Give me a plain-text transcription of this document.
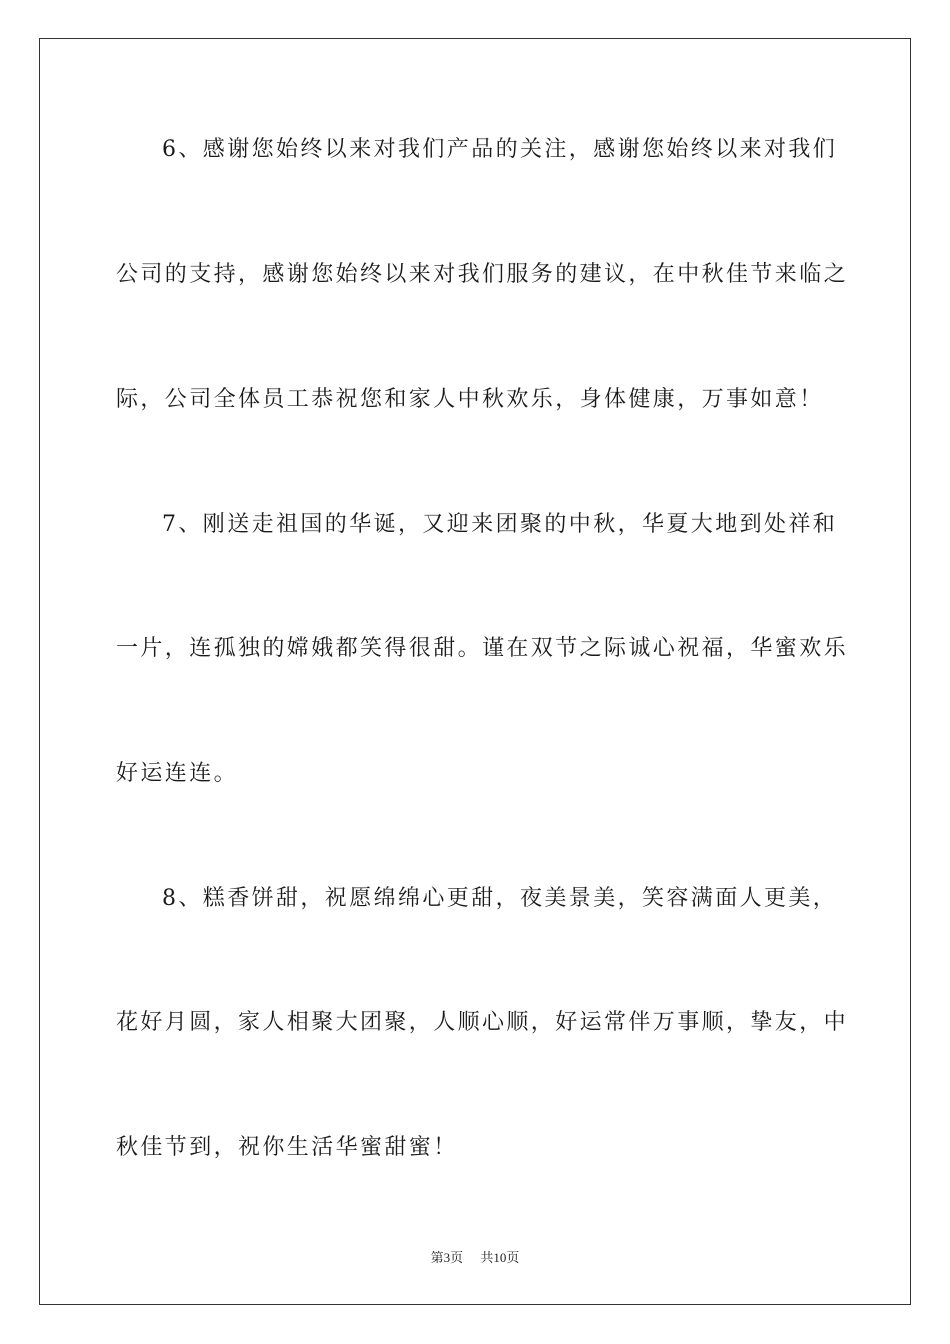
6、感谢您始终以来对我们产品的关注，感谢您始终以来对我们
公司的支持，感谢您始终以来对我们服务的建议，在中秋佳节来临之
际，公司全体员工恭祝您和家人中秋欢乐，身体健康，万事如意！
7、刚送走祖国的华诞，又迎来团聚的中秋，华夏大地到处祥和
一片，连孤独的嫦娥都笑得很甜。谨在双节之际诚心祝福，华蜜欢乐
好运连连。
8、糕香饼甜，祝愿绵绵心更甜，夜美景美，笑容满面人更美，
花好月圆，家人相聚大团聚，人顺心顺，好运常伴万事顺，挚友，中
秋佳节到，祝你生活华蜜甜蜜！
第3页 共10页
